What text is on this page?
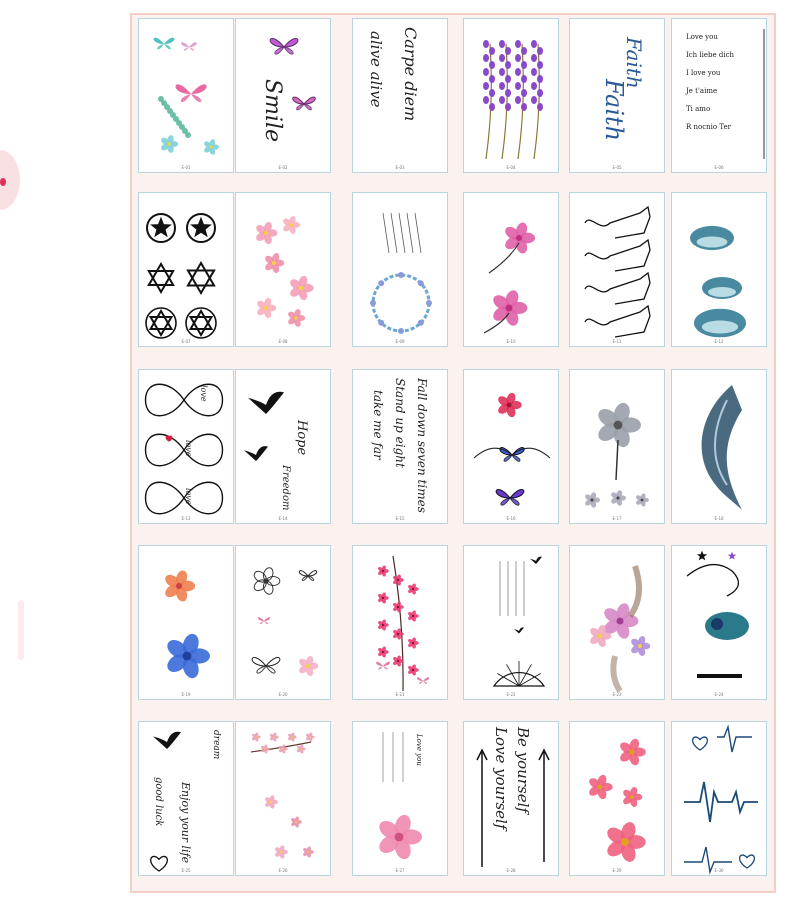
E-01
Smile
E-02
Carpe diem
alive alive
E-03	E-04
Faith
Faith
E-05
Love you
Ich liebe dich
I love you
Je t'aime
Ti amo
R nocnio Ter
E-06
E-07	E-08	E-09	E-10	E-11	E-12
love
love
love
E-13
Hope
Freedom
E-14
Fall down seven times
Stand up eight
take me far
E-15	E-16	E-17	E-18
E-19	E-20	E-21	E-22	E-23	E-24
good luck Enjoy your life
dream
E-25	E-26
Love you
E-27
Love yourself Be yourself
E-28	E-29	E-30
